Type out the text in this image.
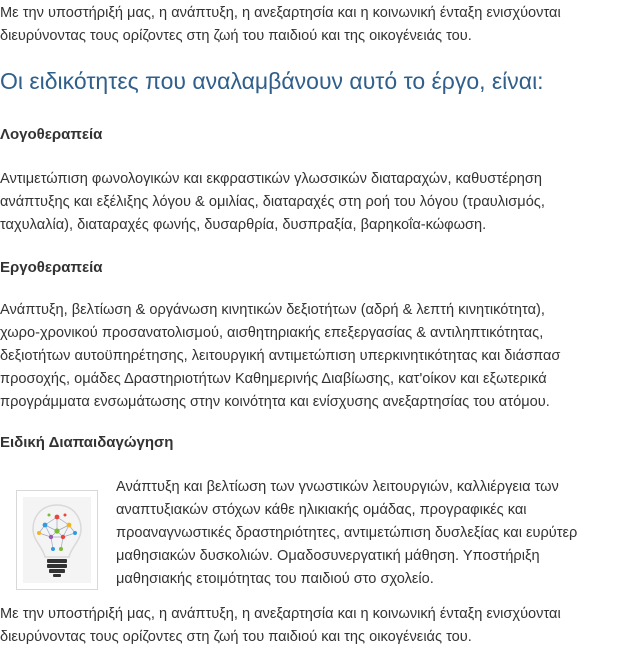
Με την υποστήριξή μας, η ανάπτυξη, η ανεξαρτησία και η κοινωνική ένταξη ενισχύονται
διευρύνοντας τους ορίζοντες στη ζωή του παιδιού και της οικογένειάς του.

Οι ειδικότητες που αναλαμβάνουν αυτό το έργο, είναι:
Λογοθεραπεία

Αντιμετώπιση φωνολογικών και εκφραστικών γλωσσικών διαταραχών, καθυστέρηση
ανάπτυξης και εξέλιξης λόγου & ομιλίας, διαταραχές στη ροή του λόγου (τραυλισμός,
ταχυλαλία), διαταραχές φωνής, δυσαρθρία, δυσπραξία, βαρηκοΐα-κώφωση.

Εργοθεραπεία

Ανάπτυξη, βελτίωση & οργάνωση κινητικών δεξιοτήτων (αδρή & λεπτή κινητικότητα),
χωρο-χρονικού προσανατολισμού, αισθητηριακής επεξεργασίας & αντιληπτικότητας,
δεξιοτήτων αυτοϋπηρέτησης, λειτουργική αντιμετώπιση υπερκινητικότητας και διάσπασ
προσοχής, ομάδες Δραστηριοτήτων Καθημερινής Διαβίωσης, κατ'οίκον και εξωτερικά
προγράμματα ενσωμάτωσης στην κοινότητα και ενίσχυσης ανεξαρτησίας του ατόμου.

Ειδική Διαπαιδαγώγηση

Ανάπτυξη και βελτίωση των γνωστικών λειτουργιών, καλλιέργεια των
αναπτυξιακών στόχων κάθε ηλικιακής ομάδας, προγραφικές και
προαναγνωστικές δραστηριότητες, αντιμετώπιση δυσλεξίας και ευρύτερ
μαθησιακών δυσκολιών. Ομαδοσυνεργατική μάθηση. Υποστήριξη
μαθησιακής ετοιμότητας του παιδιού στο σχολείο.

Με την υποστήριξή μας, η ανάπτυξη, η ανεξαρτησία και η κοινωνική ένταξη ενισχύονται
διευρύνοντας τους ορίζοντες στη ζωή του παιδιού και της οικογένειάς του.
